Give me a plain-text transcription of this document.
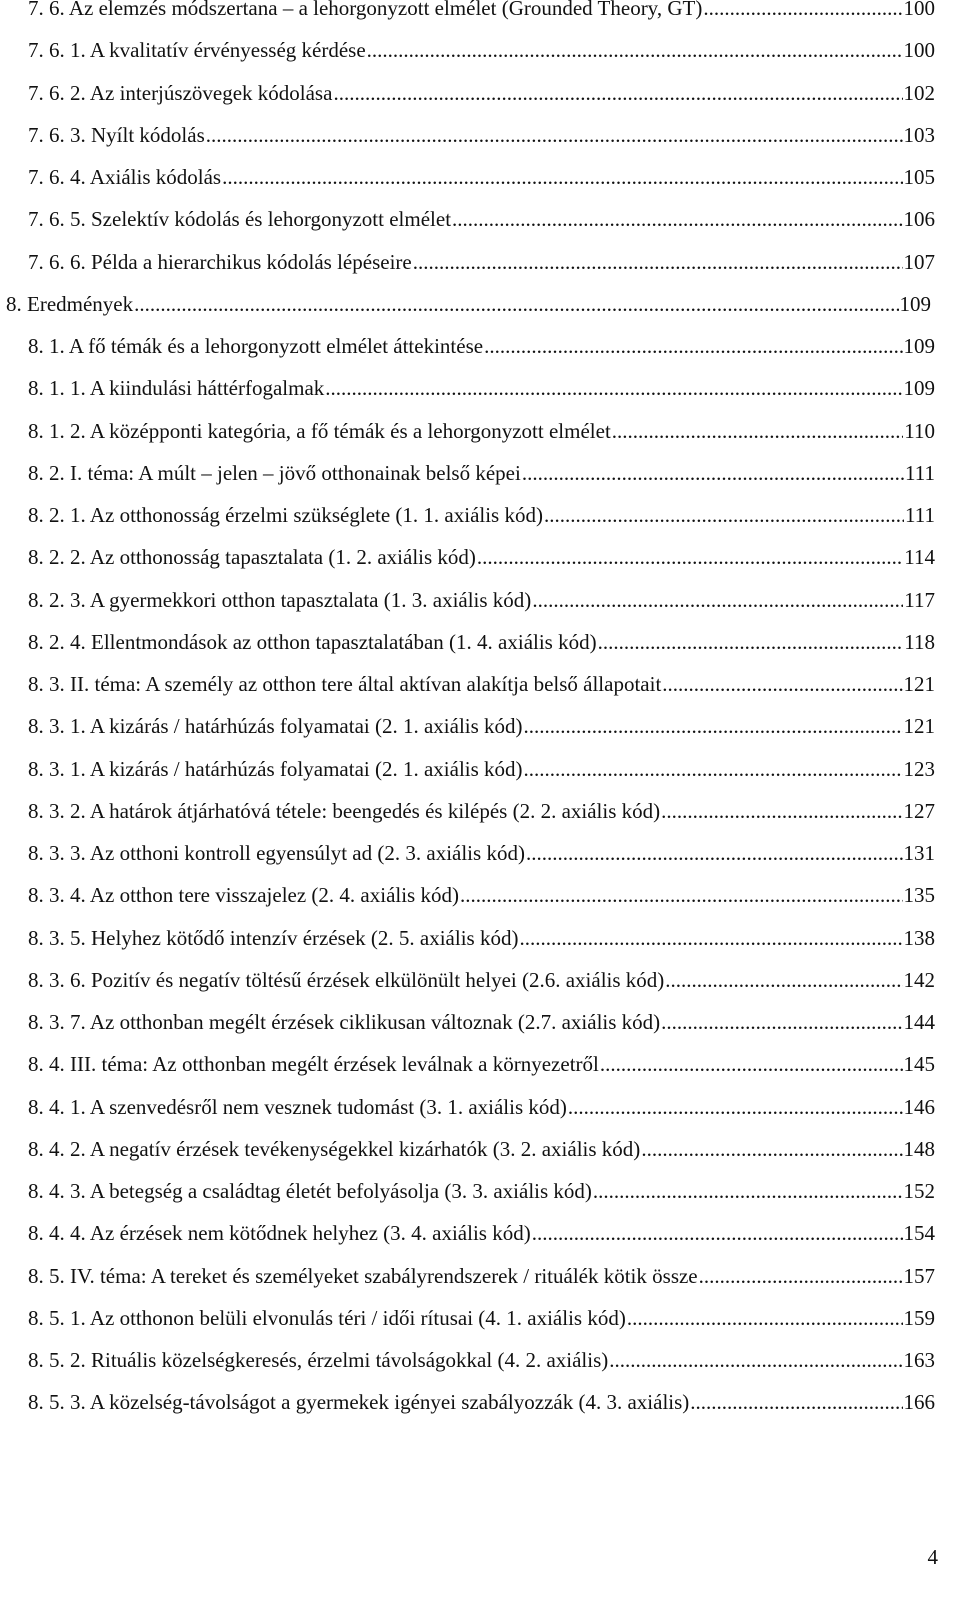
7. 6. Az elemzés módszertana – a lehorgonyzott elmélet (Grounded Theory, GT) .....	100
7. 6. 1. A kvalitatív érvényesség kérdése .....	100
7. 6. 2. Az interjúszövegek kódolása .....	102
7. 6. 3. Nyílt kódolás .....	103
7. 6. 4. Axiális kódolás .....	105
7. 6. 5. Szelektív kódolás és lehorgonyzott elmélet .....	106
7. 6. 6. Példa a hierarchikus kódolás lépéseire .....	107
8. Eredmények .....	109
8. 1. A fő témák és a lehorgonyzott elmélet áttekintése .....	109
8. 1. 1. A kiindulási háttérfogalmak .....	109
8. 1. 2. A középponti kategória, a fő témák és a lehorgonyzott elmélet .....	110
8. 2. I. téma: A múlt – jelen – jövő otthonainak belső képei .....	111
8. 2. 1. Az otthonosság érzelmi szükséglete (1. 1. axiális kód) .....	111
8. 2. 2. Az otthonosság tapasztalata (1. 2. axiális kód) .....	114
8. 2. 3. A gyermekkori otthon tapasztalata (1. 3. axiális kód) .....	117
8. 2. 4. Ellentmondások az otthon tapasztalatában (1. 4. axiális kód) .....	118
8. 3. II. téma: A személy az otthon tere által aktívan alakítja belső állapotait .....	121
8. 3. 1. A kizárás / határhúzás folyamatai (2. 1. axiális kód) .....	121
8. 3. 1. A kizárás / határhúzás folyamatai (2. 1. axiális kód) .....	123
8. 3. 2. A határok átjárhatóvá tétele: beengedés és kilépés (2. 2. axiális kód) .....	127
8. 3. 3. Az otthoni kontroll egyensúlyt ad (2. 3. axiális kód) .....	131
8. 3. 4. Az otthon tere visszajelez (2. 4. axiális kód) .....	135
8. 3. 5. Helyhez kötődő intenzív érzések (2. 5. axiális kód) .....	138
8. 3. 6. Pozitív és negatív töltésű érzések elkülönült helyei (2.6. axiális kód) .....	142
8. 3. 7. Az otthonban megélt érzések ciklikusan változnak (2.7. axiális kód) .....	144
8. 4. III. téma: Az otthonban megélt érzések leválnak a környezetről .....	145
8. 4. 1. A szenvedésről nem vesznek tudomást (3. 1. axiális kód) .....	146
8. 4. 2. A negatív érzések tevékenységekkel kizárhatók (3. 2. axiális kód) .....	148
8. 4. 3. A betegség a családtag életét befolyásolja (3. 3. axiális kód) .....	152
8. 4. 4. Az érzések nem kötődnek helyhez (3. 4. axiális kód) .....	154
8. 5. IV. téma: A tereket és személyeket szabályrendszerek / rituálék kötik össze .....	157
8. 5. 1. Az otthonon belüli elvonulás téri / idői rítusai (4. 1. axiális kód) .....	159
8. 5. 2. Rituális közelségkeresés, érzelmi távolságokkal (4. 2. axiális) .....	163
8. 5. 3. A közelség-távolságot a gyermekek igényei szabályozzák (4. 3. axiális) .....	166
4
